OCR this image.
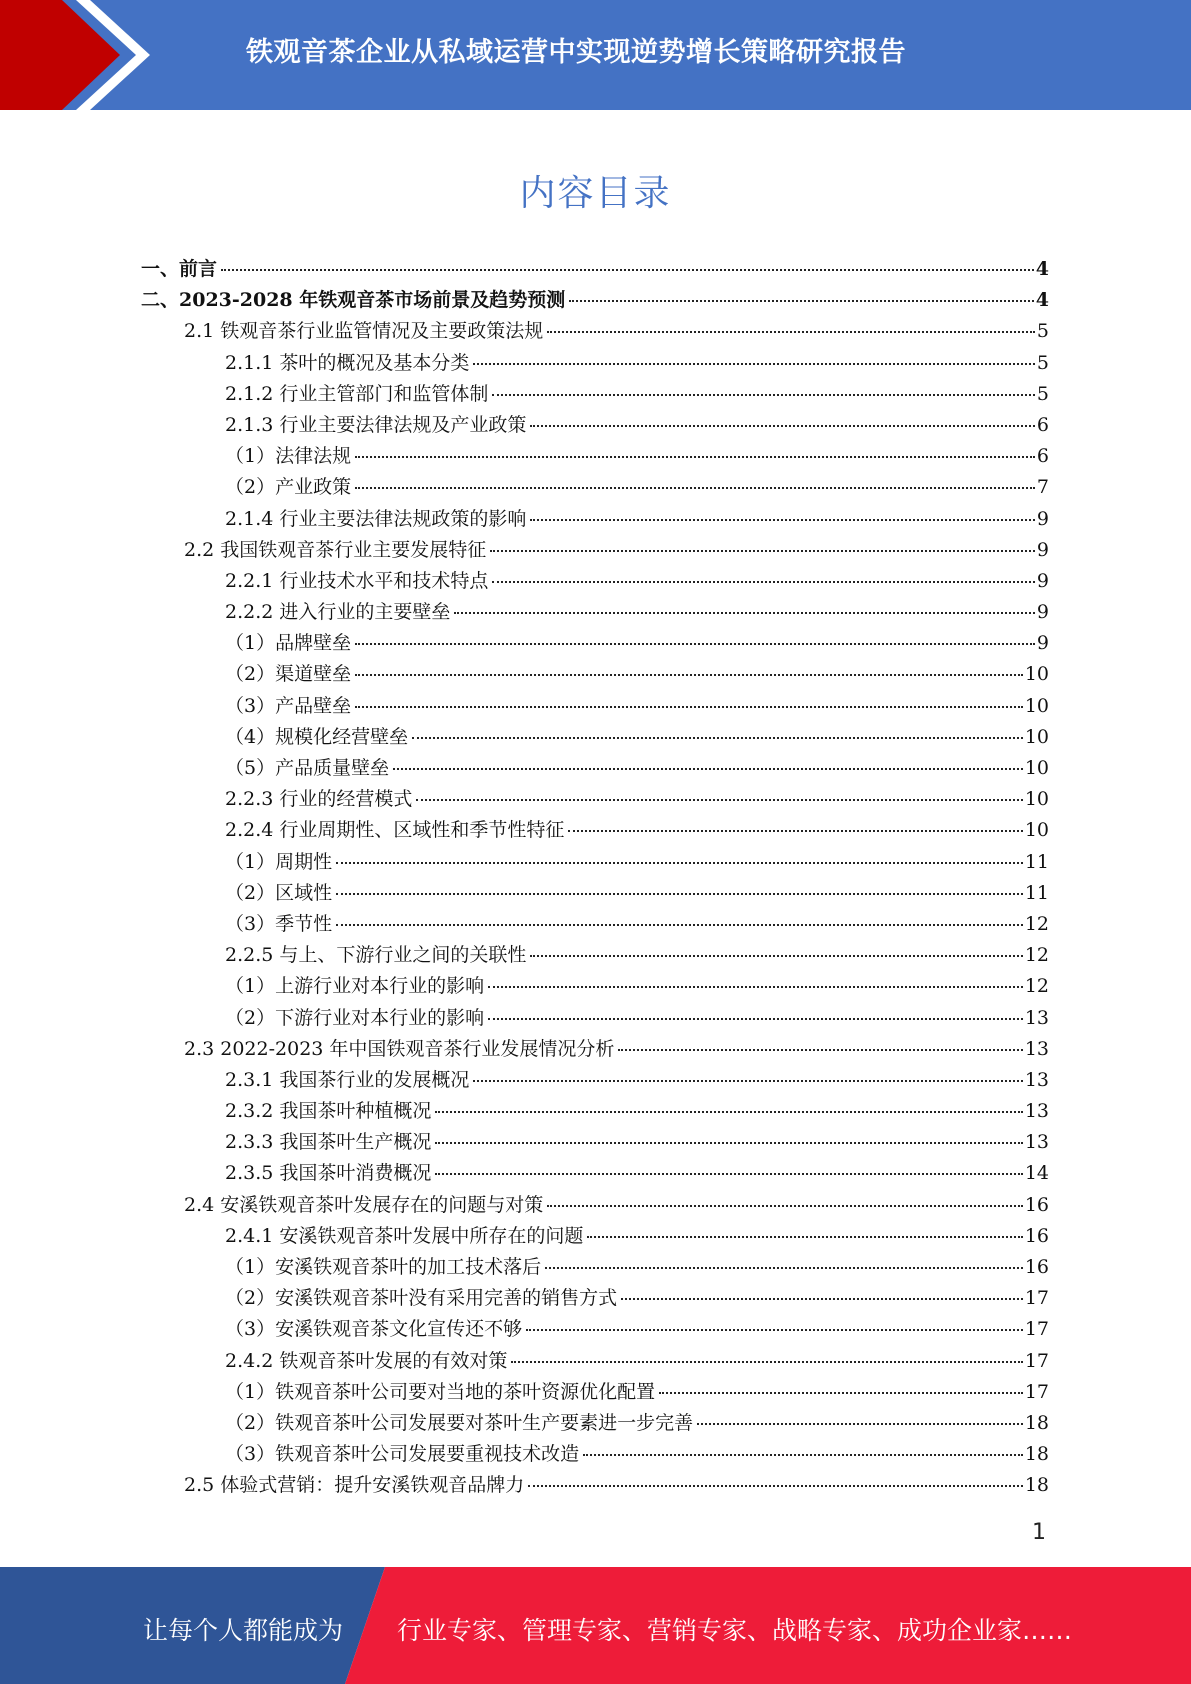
铁观音茶企业从私域运营中实现逆势增长策略研究报告
内容目录
一、前言	4
二、2023-2028 年铁观音茶市场前景及趋势预测	4
2.1 铁观音茶行业监管情况及主要政策法规	5
2.1.1 茶叶的概况及基本分类	5
2.1.2 行业主管部门和监管体制	5
2.1.3 行业主要法律法规及产业政策	6
（1）法律法规	6
（2）产业政策	7
2.1.4 行业主要法律法规政策的影响	9
2.2 我国铁观音茶行业主要发展特征	9
2.2.1 行业技术水平和技术特点	9
2.2.2 进入行业的主要壁垒	9
（1）品牌壁垒	9
（2）渠道壁垒	10
（3）产品壁垒	10
（4）规模化经营壁垒	10
（5）产品质量壁垒	10
2.2.3 行业的经营模式	10
2.2.4 行业周期性、区域性和季节性特征	10
（1）周期性	11
（2）区域性	11
（3）季节性	12
2.2.5 与上、下游行业之间的关联性	12
（1）上游行业对本行业的影响	12
（2）下游行业对本行业的影响	13
2.3 2022-2023 年中国铁观音茶行业发展情况分析	13
2.3.1 我国茶行业的发展概况	13
2.3.2 我国茶叶种植概况	13
2.3.3 我国茶叶生产概况	13
2.3.5 我国茶叶消费概况	14
2.4 安溪铁观音茶叶发展存在的问题与对策	16
2.4.1 安溪铁观音茶叶发展中所存在的问题	16
（1）安溪铁观音茶叶的加工技术落后	16
（2）安溪铁观音茶叶没有采用完善的销售方式	17
（3）安溪铁观音茶文化宣传还不够	17
2.4.2 铁观音茶叶发展的有效对策	17
（1）铁观音茶叶公司要对当地的茶叶资源优化配置	17
（2）铁观音茶叶公司发展要对茶叶生产要素进一步完善	18
（3）铁观音茶叶公司发展要重视技术改造	18
2.5 体验式营销：提升安溪铁观音品牌力	18
1
让每个人都能成为 行业专家、管理专家、营销专家、战略专家、成功企业家……
